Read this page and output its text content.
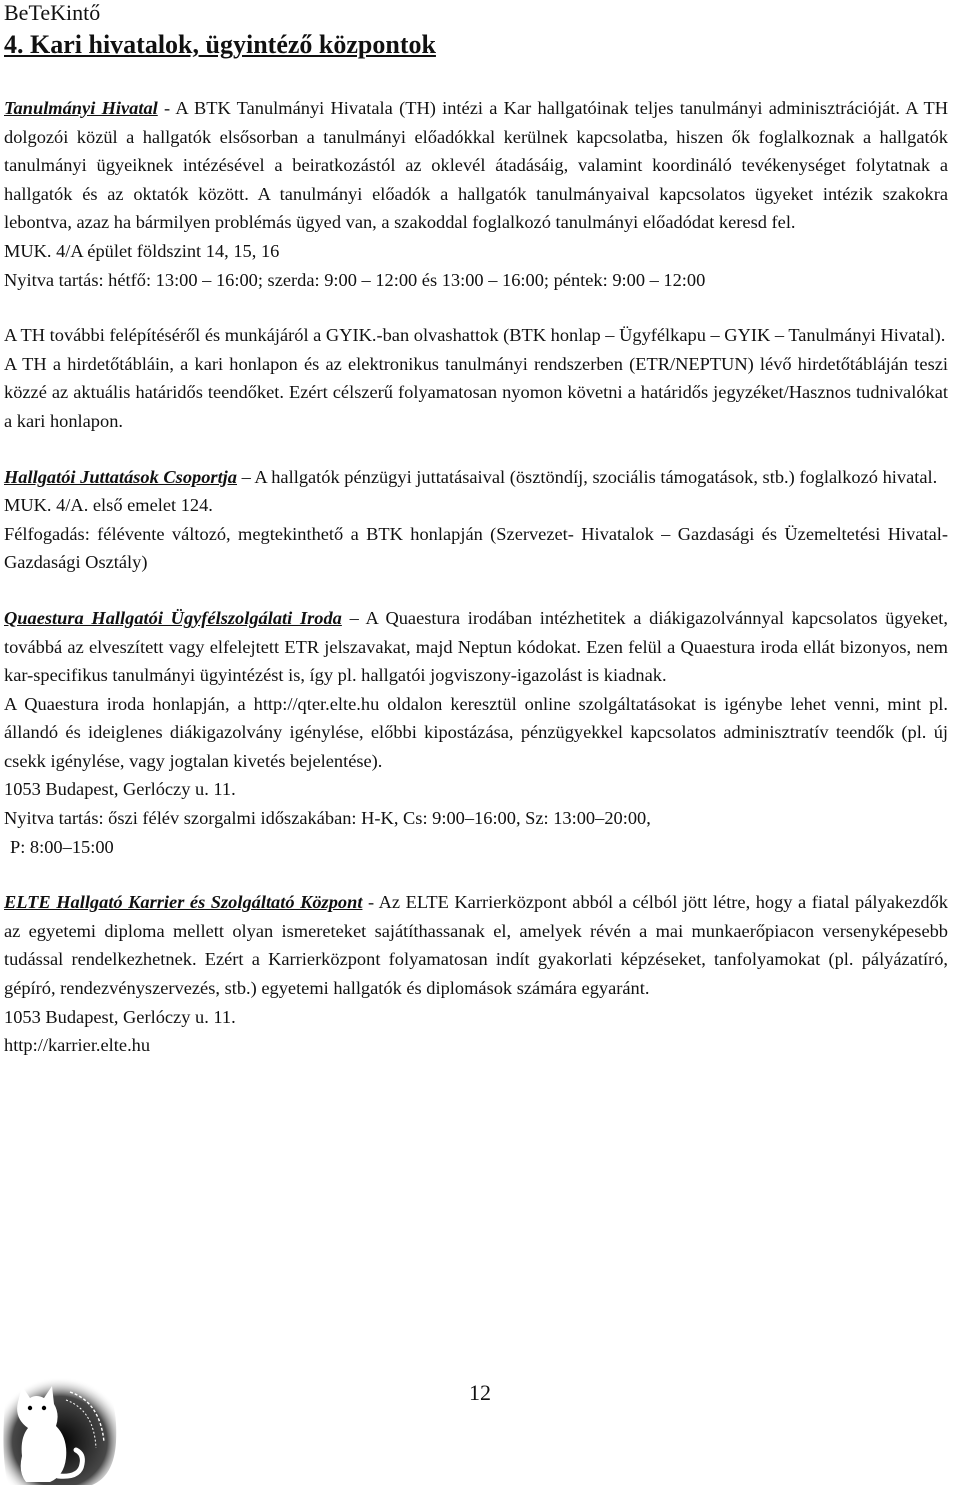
BeTeKintő
4. Kari hivatalok, ügyintéző központok

Tanulmányi Hivatal - A BTK Tanulmányi Hivatala (TH) intézi a Kar hallgatóinak teljes tanulmányi adminisztrációját. A TH dolgozói közül a hallgatók elsősorban a tanulmányi előadókkal kerülnek kapcsolatba, hiszen ők foglalkoznak a hallgatók tanulmányi ügyeiknek intézésével a beiratkozástól az oklevél átadásáig, valamint koordináló tevékenységet folytatnak a hallgatók és az oktatók között. A tanulmányi előadók a hallgatók tanulmányaival kapcsolatos ügyeket intézik szakokra lebontva, azaz ha bármilyen problémás ügyed van, a szakoddal foglalkozó tanulmányi előadódat keresd fel.

MUK. 4/A épület földszint 14, 15, 16

Nyitva tartás: hétfő: 13:00 – 16:00; szerda: 9:00 – 12:00 és 13:00 – 16:00; péntek: 9:00 – 12:00

A TH további felépítéséről és munkájáról a GYIK.-ban olvashattok (BTK honlap – Ügyfélkapu – GYIK – Tanulmányi Hivatal).

A TH a hirdetőtábláin, a kari honlapon és az elektronikus tanulmányi rendszerben (ETR/NEPTUN) lévő hirdetőtábláján teszi közzé az aktuális határidős teendőket. Ezért célszerű folyamatosan nyomon követni a határidős jegyzéket/Hasznos tudnivalókat a kari honlapon.

Hallgatói Juttatások Csoportja – A hallgatók pénzügyi juttatásaival (ösztöndíj, szociális támogatások, stb.) foglalkozó hivatal.

MUK. 4/A. első emelet 124.

Félfogadás: félévente változó, megtekinthető a BTK honlapján (Szervezet- Hivatalok – Gazdasági és Üzemeltetési Hivatal- Gazdasági Osztály)

Quaestura Hallgatói Ügyfélszolgálati Iroda – A Quaestura irodában intézhetitek a diákigazolvánnyal kapcsolatos ügyeket, továbbá az elveszített vagy elfelejtett ETR jelszavakat, majd Neptun kódokat. Ezen felül a Quaestura iroda ellát bizonyos, nem kar-specifikus tanulmányi ügyintézést is, így pl. hallgatói jogviszony-igazolást is kiadnak.

A Quaestura iroda honlapján, a http://qter.elte.hu oldalon keresztül online szolgáltatásokat is igénybe lehet venni, mint pl. állandó és ideiglenes diákigazolvány igénylése, előbbi kipostázása, pénzügyekkel kapcsolatos adminisztratív teendők (pl. új csekk igénylése, vagy jogtalan kivetés bejelentése).

1053 Budapest, Gerlóczy u. 11.

Nyitva tartás: őszi félév szorgalmi időszakában: H-K, Cs: 9:00–16:00, Sz: 13:00–20:00,

P: 8:00–15:00

ELTE Hallgató Karrier és Szolgáltató Központ - Az ELTE Karrierközpont abból a célból jött létre, hogy a fiatal pályakezdők az egyetemi diploma mellett olyan ismereteket sajátíthassanak el, amelyek révén a mai munkaerőpiacon versenyképesebb tudással rendelkezhetnek. Ezért a Karrierközpont folyamatosan indít gyakorlati képzéseket, tanfolyamokat (pl. pályázatíró, gépíró, rendezvényszervezés, stb.) egyetemi hallgatók és diplomások számára egyaránt.

1053 Budapest, Gerlóczy u. 11.

http://karrier.elte.hu

12
